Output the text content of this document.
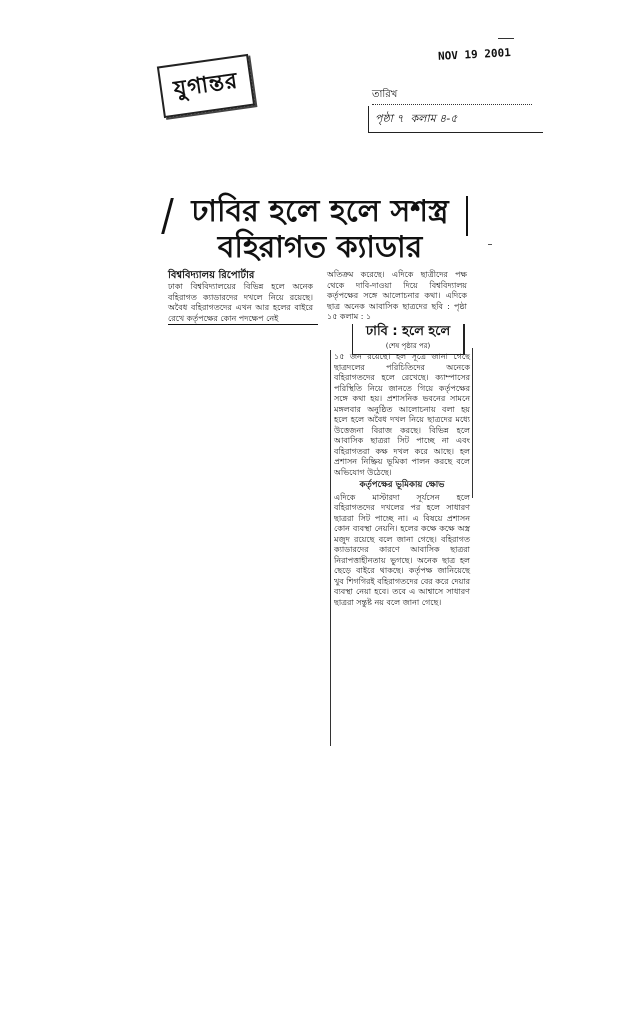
যুগান্তর
NOV 19 2001
তারিখ
পৃষ্ঠা ৭
কলাম ৪-৫
ঢাবির হলে হলে সশস্ত্র বহিরাগত ক্যাডার
বিশ্ববিদ্যালয় রিপোর্টার
ঢাকা বিশ্ববিদ্যালয়ের বিভিন্ন হলে অনেক বহিরাগত ক্যাডারদের দখলে নিয়ে রয়েছে। অবৈধ বহিরাগতদের এখন আর হলের বাইরে রেখে কর্তৃপক্ষের কোন পদক্ষেপ নেই
অতিক্রম করেছে। এদিকে ছাত্রীদের পক্ষ থেকে দাবি-দাওয়া দিয়ে বিশ্ববিদ্যালয় কর্তৃপক্ষের সঙ্গে আলোচনার কথা। এদিকে ছাত্র অনেক আবাসিক ছাত্রদের ছবি : পৃষ্ঠা ১৫ কলাম : ১
ঢাবি : হলে হলে
(শেষ পৃষ্ঠার পর)

১৫ জন রয়েছে। হল সূত্রে জানা গেছে ছাত্রদলের পরিচিতিদের অনেকে বহিরাগতদের হলে রেখেছে। ক্যাম্পাসের পরিস্থিতি নিয়ে জানতে গিয়ে কর্তৃপক্ষের সঙ্গে কথা হয়। প্রশাসনিক ভবনের সামনে মঙ্গলবার অনুষ্ঠিত আলোচনায় বলা হয় হলে হলে অবৈধ দখল নিয়ে ছাত্রদের মধ্যে উত্তেজনা বিরাজ করছে। বিভিন্ন হলে আবাসিক ছাত্ররা সিট পাচ্ছে না এবং বহিরাগতরা কক্ষ দখল করে আছে। হল প্রশাসন নিষ্ক্রিয় ভূমিকা পালন করছে বলে অভিযোগ উঠেছে।

কর্তৃপক্ষের ভূমিকায় ক্ষোভ

এদিকে মাস্টারদা সূর্যসেন হলে বহিরাগতদের দখলের পর হলে সাধারণ ছাত্ররা সিট পাচ্ছে না। এ বিষয়ে প্রশাসন কোন ব্যবস্থা নেয়নি। হলের কক্ষে কক্ষে অস্ত্র মজুদ রয়েছে বলে জানা গেছে। বহিরাগত ক্যাডারদের কারণে আবাসিক ছাত্ররা নিরাপত্তাহীনতায় ভুগছে। অনেক ছাত্র হল ছেড়ে বাইরে থাকছে। কর্তৃপক্ষ জানিয়েছে খুব শিগগিরই বহিরাগতদের বের করে দেয়ার ব্যবস্থা নেয়া হবে। তবে এ আশ্বাসে সাধারণ ছাত্ররা সন্তুষ্ট নয় বলে জানা গেছে।
